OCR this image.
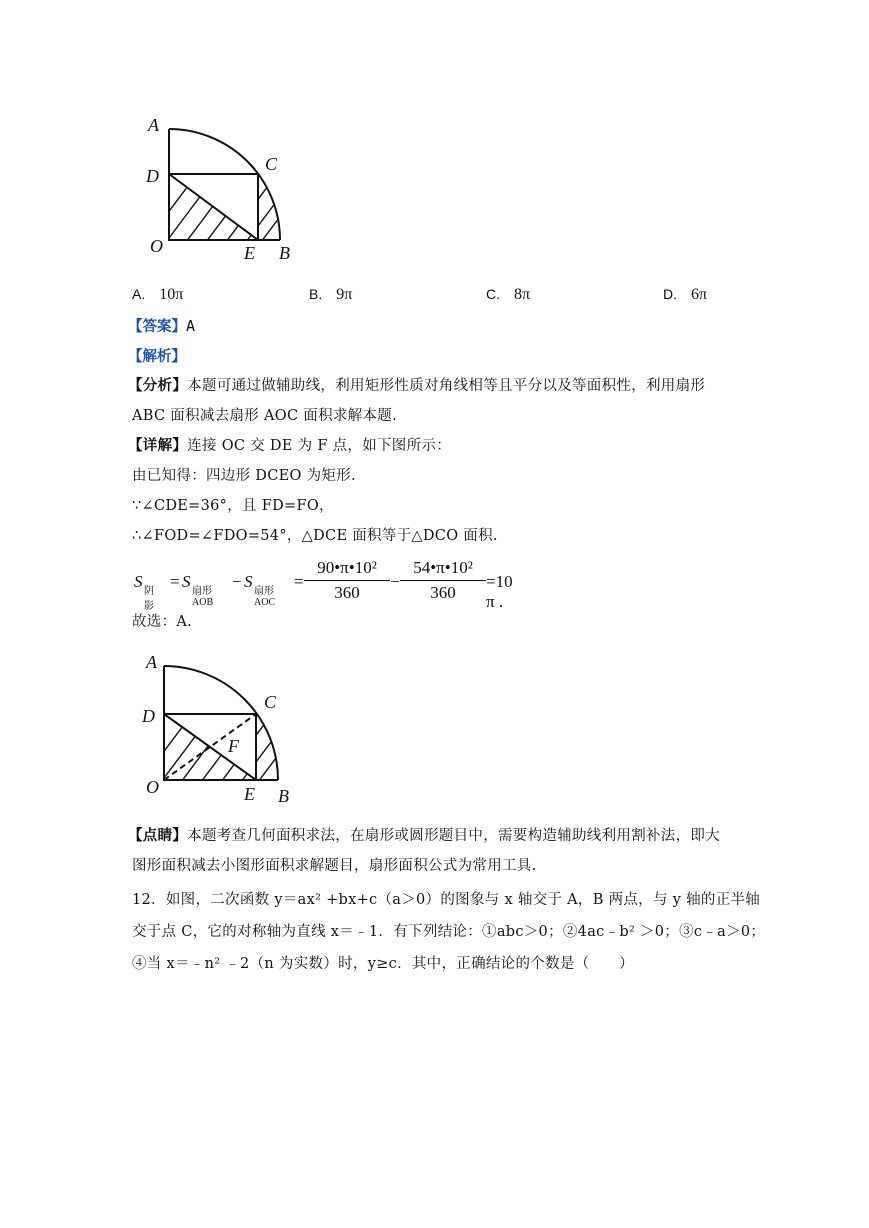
A
D
C
O	E B
A. 10π	B. 9π	C. 8π	D. 6π
【答案】A
【解析】
【分析】本题可通过做辅助线，利用矩形性质对角线相等且平分以及等面积性，利用扇形
ABC 面积减去扇形 AOC 面积求解本题.
【详解】连接 OC 交 DE 为 F 点，如下图所示：
由已知得：四边形 DCEO 为矩形.
∵∠CDE=36°，且 FD=FO，
∴∠FOD=∠FDO=54°，△DCE 面积等于△DCO 面积.
S
阴影
= S
扇形AOB
− S
扇形AOC
=
90•π•10²
360
−
54•π•10²
360
=10 π .
故选：A.
A
D
C
F
O	E B
【点睛】本题考查几何面积求法，在扇形或圆形题目中，需要构造辅助线利用割补法，即大
图形面积减去小图形面积求解题目，扇形面积公式为常用工具.
12．如图，二次函数 y＝ax² +bx+c（a＞0）的图象与 x 轴交于 A，B 两点，与 y 轴的正半轴
交于点 C，它的对称轴为直线 x＝﹣1．有下列结论：①abc＞0；②4ac﹣b² ＞0；③c﹣a＞0；
④当 x＝﹣n² ﹣2（n 为实数）时，y≥c．其中，正确结论的个数是（　　）
